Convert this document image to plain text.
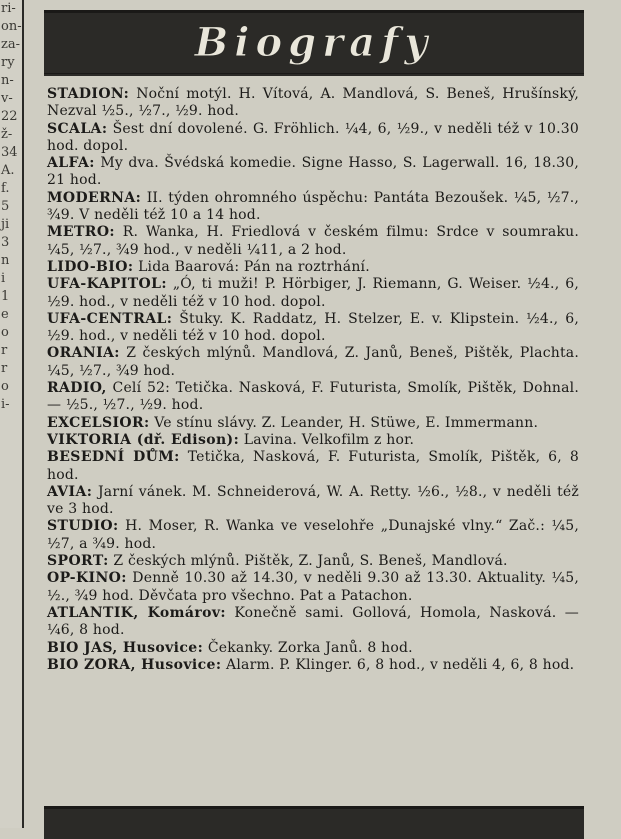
ri-
on-
za-
ry
n-
v-
22
ž-
34
A.
f.
5
ji
3
n
i
1
e
o
r
r
o
i-
Biografy

STADION: Noční motýl. H. Vítová, A. Mandlová, S. Beneš, Hrušínský, Nezval ½5., ½7., ½9. hod.

SCALA: Šest dní dovolené. G. Fröhlich. ¼4, 6, ½9., v neděli též v 10.30 hod. dopol.

ALFA: My dva. Švédská komedie. Signe Hasso, S. Lagerwall. 16, 18.30, 21 hod.

MODERNA: II. týden ohromného úspěchu: Pantáta Bezoušek. ¼5, ½7., ¾9. V neděli též 10 a 14 hod.

METRO: R. Wanka, H. Friedlová v českém filmu: Srdce v soumraku. ¼5, ½7., ¾9 hod., v neděli ¼11, a 2 hod.

LIDO-BIO: Lida Baarová: Pán na roztrhání.

UFA-KAPITOL: „Ó, ti muži! P. Hörbiger, J. Riemann, G. Weiser. ½4., 6, ½9. hod., v neděli též v 10 hod. dopol.

UFA-CENTRAL: Štuky. K. Raddatz, H. Stelzer, E. v. Klipstein. ½4., 6, ½9. hod., v neděli též v 10 hod. dopol.

ORANIA: Z českých mlýnů. Mandlová, Z. Janů, Beneš, Pištěk, Plachta. ¼5, ½7., ¾9 hod.

RADIO, Celí 52: Tetička. Nasková, F. Futurista, Smolík, Pištěk, Dohnal. — ½5., ½7., ½9. hod.

EXCELSIOR: Ve stínu slávy. Z. Leander, H. Stüwe, E. Immermann.

VIKTORIA (dř. Edison): Lavina. Velkofilm z hor.

BESEDNÍ DŮM: Tetička, Nasková, F. Futurista, Smolík, Pištěk, 6, 8 hod.

AVIA: Jarní vánek. M. Schneiderová, W. A. Retty. ½6., ½8., v neděli též ve 3 hod.

STUDIO: H. Moser, R. Wanka ve veselohře „Dunajské vlny.“ Zač.: ¼5, ½7, a ¾9. hod.

SPORT: Z českých mlýnů. Pištěk, Z. Janů, S. Beneš, Mandlová.

OP-KINO: Denně 10.30 až 14.30, v neděli 9.30 až 13.30. Aktuality. ¼5, ½., ¾9 hod. Děvčata pro všechno. Pat a Patachon.

ATLANTIK, Komárov: Konečně sami. Gollová, Homola, Nasková. — ¼6, 8 hod.

BIO JAS, Husovice: Čekanky. Zorka Janů. 8 hod.

BIO ZORA, Husovice: Alarm. P. Klinger. 6, 8 hod., v neděli 4, 6, 8 hod.
